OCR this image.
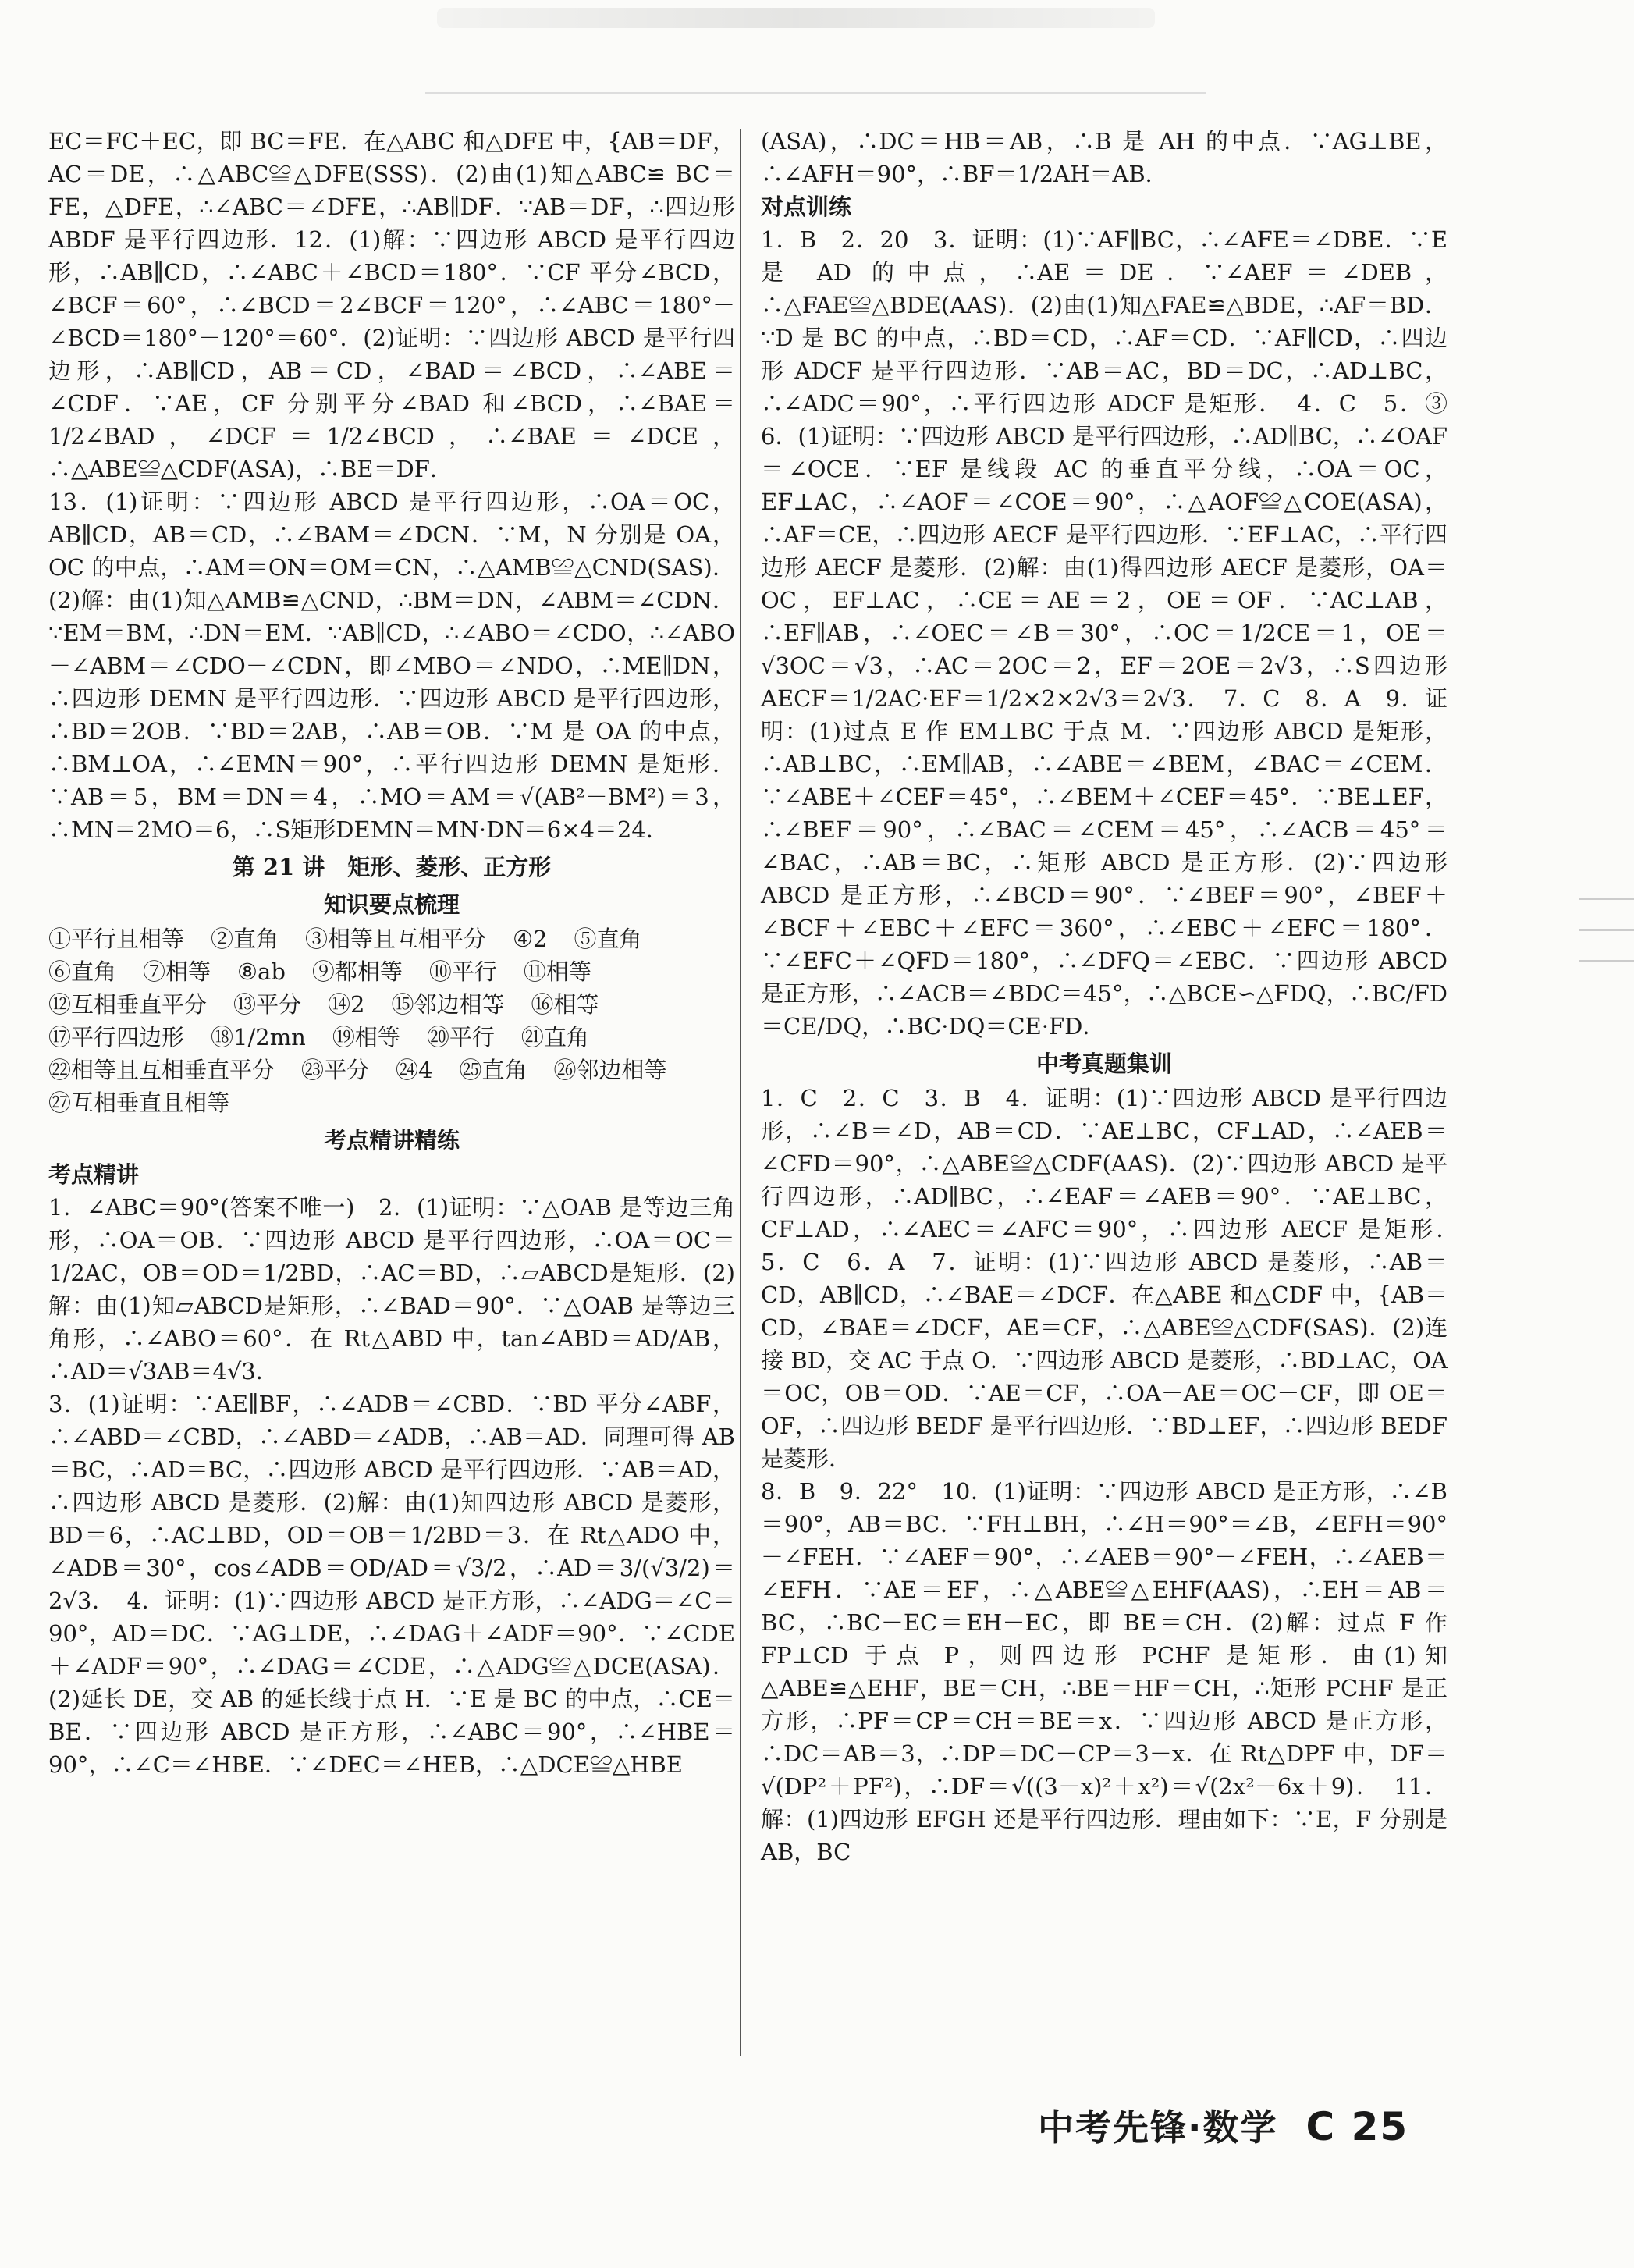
EC＝FC＋EC，即 BC＝FE．在△ABC 和△DFE 中，{AB＝DF，AC＝DE，∴△ABC≌△DFE(SSS)．(2)由(1)知△ABC≌ BC＝FE，△DFE，∴∠ABC＝∠DFE，∴AB∥DF．∵AB＝DF，∴四边形 ABDF 是平行四边形．12．(1)解：∵四边形 ABCD 是平行四边形，∴AB∥CD，∴∠ABC＋∠BCD＝180°．∵CF 平分∠BCD，∠BCF＝60°，∴∠BCD＝2∠BCF＝120°，∴∠ABC＝180°－∠BCD＝180°－120°＝60°．(2)证明：∵四边形 ABCD 是平行四边形，∴AB∥CD，AB＝CD，∠BAD＝∠BCD，∴∠ABE＝∠CDF．∵AE，CF 分别平分∠BAD 和∠BCD，∴∠BAE＝1/2∠BAD，∠DCF＝1/2∠BCD，∴∠BAE＝∠DCE，∴△ABE≌△CDF(ASA)，∴BE＝DF．

13．(1)证明：∵四边形 ABCD 是平行四边形，∴OA＝OC，AB∥CD，AB＝CD，∴∠BAM＝∠DCN．∵M，N 分别是 OA，OC 的中点，∴AM＝ON＝OM＝CN，∴△AMB≌△CND(SAS)．(2)解：由(1)知△AMB≌△CND，∴BM＝DN，∠ABM＝∠CDN．∵EM＝BM，∴DN＝EM．∵AB∥CD，∴∠ABO＝∠CDO，∴∠ABO－∠ABM＝∠CDO－∠CDN，即∠MBO＝∠NDO，∴ME∥DN，∴四边形 DEMN 是平行四边形．∵四边形 ABCD 是平行四边形，∴BD＝2OB．∵BD＝2AB，∴AB＝OB．∵M 是 OA 的中点，∴BM⊥OA，∴∠EMN＝90°，∴平行四边形 DEMN 是矩形．∵AB＝5，BM＝DN＝4，∴MO＝AM＝√(AB²－BM²)＝3，∴MN＝2MO＝6，∴S矩形DEMN＝MN·DN＝6×4＝24．

第 21 讲　矩形、菱形、正方形
知识要点梳理
①平行且相等 ②直角 ③相等且互相平分 ④2 ⑤直角
⑥直角 ⑦相等 ⑧ab ⑨都相等 ⑩平行 ⑪相等
⑫互相垂直平分 ⑬平分 ⑭2 ⑮邻边相等 ⑯相等
⑰平行四边形 ⑱1/2mn ⑲相等 ⑳平行 ㉑直角
㉒相等且互相垂直平分 ㉓平分 ㉔4 ㉕直角 ㉖邻边相等
㉗互相垂直且相等
考点精讲精练
考点精讲

1．∠ABC＝90°(答案不唯一)　2．(1)证明：∵△OAB 是等边三角形，∴OA＝OB．∵四边形 ABCD 是平行四边形，∴OA＝OC＝1/2AC，OB＝OD＝1/2BD，∴AC＝BD，∴▱ABCD是矩形．(2)解：由(1)知▱ABCD是矩形，∴∠BAD＝90°．∵△OAB 是等边三角形，∴∠ABO＝60°．在 Rt△ABD 中，tan∠ABD＝AD/AB，∴AD＝√3AB＝4√3．

3．(1)证明：∵AE∥BF，∴∠ADB＝∠CBD．∵BD 平分∠ABF，∴∠ABD＝∠CBD，∴∠ABD＝∠ADB，∴AB＝AD．同理可得 AB＝BC，∴AD＝BC，∴四边形 ABCD 是平行四边形．∵AB＝AD，∴四边形 ABCD 是菱形．(2)解：由(1)知四边形 ABCD 是菱形，BD＝6，∴AC⊥BD，OD＝OB＝1/2BD＝3．在 Rt△ADO 中，∠ADB＝30°，cos∠ADB＝OD/AD＝√3/2，∴AD＝3/(√3/2)＝2√3．　4．证明：(1)∵四边形 ABCD 是正方形，∴∠ADG＝∠C＝90°，AD＝DC．∵AG⊥DE，∴∠DAG＋∠ADF＝90°．∵∠CDE＋∠ADF＝90°，∴∠DAG＝∠CDE，∴△ADG≌△DCE(ASA)．(2)延长 DE，交 AB 的延长线于点 H．∵E 是 BC 的中点，∴CE＝BE．∵四边形 ABCD 是正方形，∴∠ABC＝90°，∴∠HBE＝90°，∴∠C＝∠HBE．∵∠DEC＝∠HEB，∴△DCE≌△HBE

(ASA)，∴DC＝HB＝AB，∴B 是 AH 的中点．∵AG⊥BE，∴∠AFH＝90°，∴BF＝1/2AH＝AB．

对点训练

1．B　2．20　3．证明：(1)∵AF∥BC，∴∠AFE＝∠DBE．∵E 是 AD 的中点，∴AE＝DE．∵∠AEF＝∠DEB，∴△FAE≌△BDE(AAS)．(2)由(1)知△FAE≌△BDE，∴AF＝BD．∵D 是 BC 的中点，∴BD＝CD，∴AF＝CD．∵AF∥CD，∴四边形 ADCF 是平行四边形．∵AB＝AC，BD＝DC，∴AD⊥BC，∴∠ADC＝90°，∴平行四边形 ADCF 是矩形．　4．C　5．③　6．(1)证明：∵四边形 ABCD 是平行四边形，∴AD∥BC，∴∠OAF＝∠OCE．∵EF 是线段 AC 的垂直平分线，∴OA＝OC，EF⊥AC，∴∠AOF＝∠COE＝90°，∴△AOF≌△COE(ASA)，∴AF＝CE，∴四边形 AECF 是平行四边形．∵EF⊥AC，∴平行四边形 AECF 是菱形．(2)解：由(1)得四边形 AECF 是菱形，OA＝OC，EF⊥AC，∴CE＝AE＝2，OE＝OF．∵AC⊥AB，∴EF∥AB，∴∠OEC＝∠B＝30°，∴OC＝1/2CE＝1，OE＝√3OC＝√3，∴AC＝2OC＝2，EF＝2OE＝2√3，∴S四边形AECF＝1/2AC·EF＝1/2×2×2√3＝2√3．　7．C　8．A　9．证明：(1)过点 E 作 EM⊥BC 于点 M．∵四边形 ABCD 是矩形，∴AB⊥BC，∴EM∥AB，∴∠ABE＝∠BEM，∠BAC＝∠CEM．∵∠ABE＋∠CEF＝45°，∴∠BEM＋∠CEF＝45°．∵BE⊥EF，∴∠BEF＝90°，∴∠BAC＝∠CEM＝45°，∴∠ACB＝45°＝∠BAC，∴AB＝BC，∴矩形 ABCD 是正方形．(2)∵四边形 ABCD 是正方形，∴∠BCD＝90°．∵∠BEF＝90°，∠BEF＋∠BCF＋∠EBC＋∠EFC＝360°，∴∠EBC＋∠EFC＝180°．∵∠EFC＋∠QFD＝180°，∴∠DFQ＝∠EBC．∵四边形 ABCD 是正方形，∴∠ACB＝∠BDC＝45°，∴△BCE∽△FDQ，∴BC/FD＝CE/DQ，∴BC·DQ＝CE·FD．

中考真题集训

1．C　2．C　3．B　4．证明：(1)∵四边形 ABCD 是平行四边形，∴∠B＝∠D，AB＝CD．∵AE⊥BC，CF⊥AD，∴∠AEB＝∠CFD＝90°，∴△ABE≌△CDF(AAS)．(2)∵四边形 ABCD 是平行四边形，∴AD∥BC，∴∠EAF＝∠AEB＝90°．∵AE⊥BC，CF⊥AD，∴∠AEC＝∠AFC＝90°，∴四边形 AECF 是矩形．　5．C　6．A　7．证明：(1)∵四边形 ABCD 是菱形，∴AB＝CD，AB∥CD，∴∠BAE＝∠DCF．在△ABE 和△CDF 中，{AB＝CD，∠BAE＝∠DCF，AE＝CF，∴△ABE≌△CDF(SAS)．(2)连接 BD，交 AC 于点 O．∵四边形 ABCD 是菱形，∴BD⊥AC，OA＝OC，OB＝OD．∵AE＝CF，∴OA－AE＝OC－CF，即 OE＝OF，∴四边形 BEDF 是平行四边形．∵BD⊥EF，∴四边形 BEDF 是菱形．

8．B　9．22°　10．(1)证明：∵四边形 ABCD 是正方形，∴∠B＝90°，AB＝BC．∵FH⊥BH，∴∠H＝90°＝∠B，∠EFH＝90°－∠FEH．∵∠AEF＝90°，∴∠AEB＝90°－∠FEH，∴∠AEB＝∠EFH．∵AE＝EF，∴△ABE≌△EHF(AAS)，∴EH＝AB＝BC，∴BC－EC＝EH－EC，即 BE＝CH．(2)解：过点 F 作 FP⊥CD 于点 P，则四边形 PCHF 是矩形．由(1)知△ABE≌△EHF，BE＝CH，∴BE＝HF＝CH，∴矩形 PCHF 是正方形，∴PF＝CP＝CH＝BE＝x．∵四边形 ABCD 是正方形，∴DC＝AB＝3，∴DP＝DC－CP＝3－x．在 Rt△DPF 中，DF＝√(DP²＋PF²)，∴DF＝√((3－x)²＋x²)＝√(2x²－6x＋9)．　11．解：(1)四边形 EFGH 还是平行四边形．理由如下：∵E，F 分别是 AB，BC

中考先锋·数学 C 25
